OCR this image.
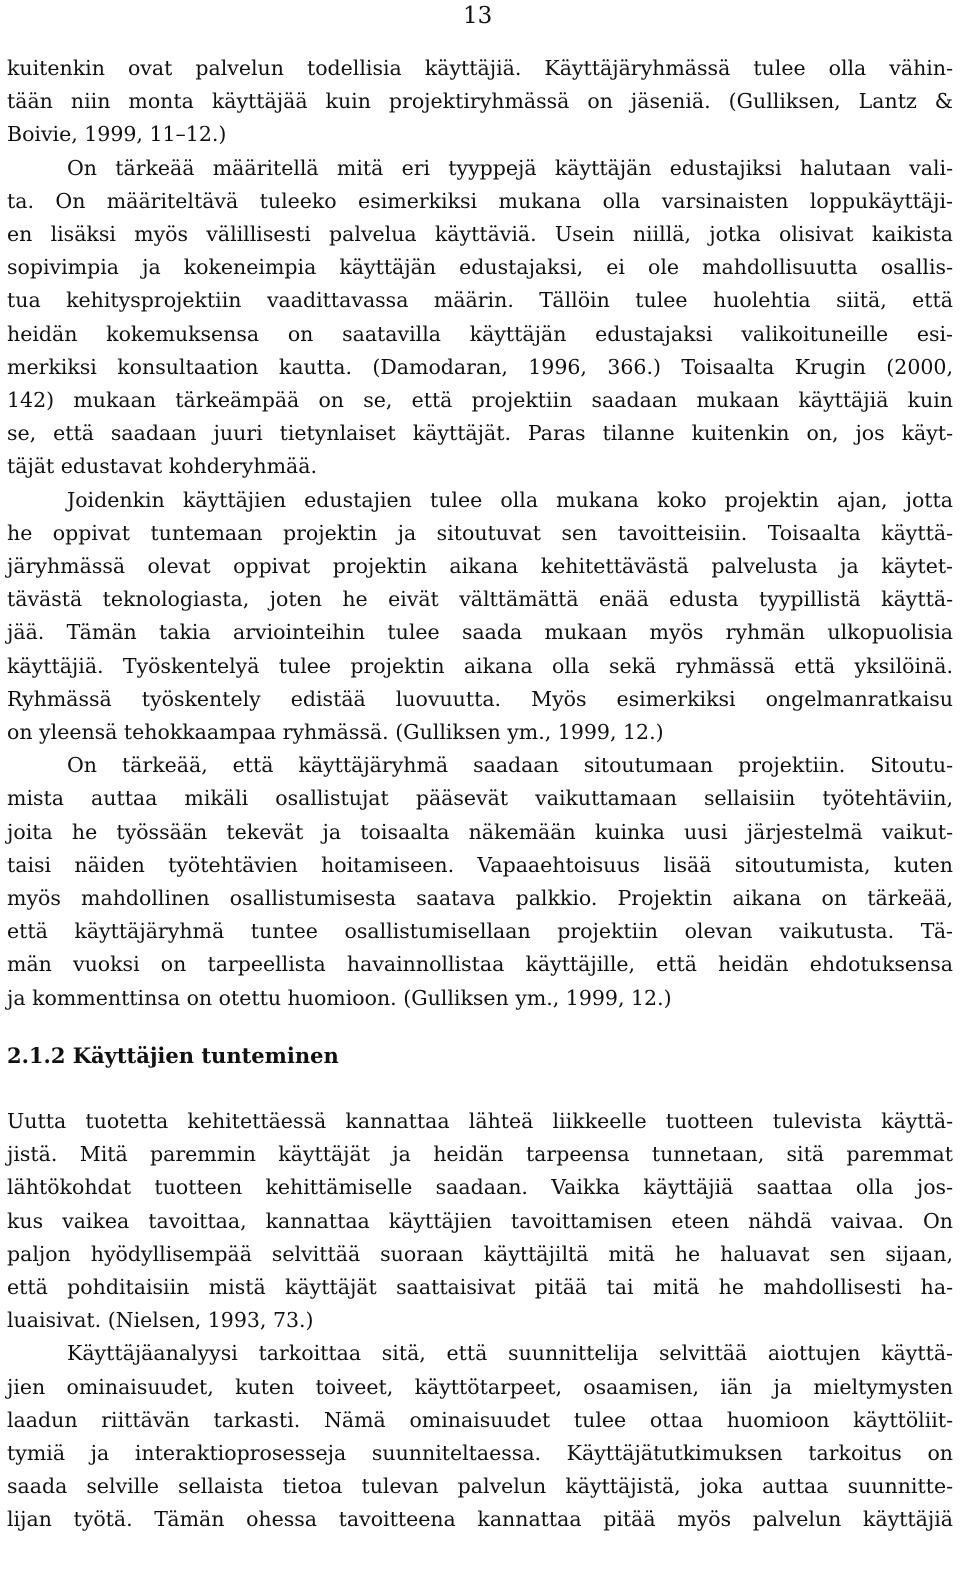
13

kuitenkin ovat palvelun todellisia käyttäjiä. Käyttäjäryhmässä tulee olla vähin-
tään niin monta käyttäjää kuin projektiryhmässä on jäseniä. (Gulliksen, Lantz &
Boivie, 1999, 11–12.)

On tärkeää määritellä mitä eri tyyppejä käyttäjän edustajiksi halutaan vali-
ta. On määriteltävä tuleeko esimerkiksi mukana olla varsinaisten loppukäyttäji-
en lisäksi myös välillisesti palvelua käyttäviä. Usein niillä, jotka olisivat kaikista
sopivimpia ja kokeneimpia käyttäjän edustajaksi, ei ole mahdollisuutta osallis-
tua kehitysprojektiin vaadittavassa määrin. Tällöin tulee huolehtia siitä, että
heidän kokemuksensa on saatavilla käyttäjän edustajaksi valikoituneille esi-
merkiksi konsultaation kautta. (Damodaran, 1996, 366.) Toisaalta Krugin (2000,
142) mukaan tärkeämpää on se, että projektiin saadaan mukaan käyttäjiä kuin
se, että saadaan juuri tietynlaiset käyttäjät. Paras tilanne kuitenkin on, jos käyt-
täjät edustavat kohderyhmää.

Joidenkin käyttäjien edustajien tulee olla mukana koko projektin ajan, jotta
he oppivat tuntemaan projektin ja sitoutuvat sen tavoitteisiin. Toisaalta käyttä-
järyhmässä olevat oppivat projektin aikana kehitettävästä palvelusta ja käytet-
tävästä teknologiasta, joten he eivät välttämättä enää edusta tyypillistä käyttä-
jää. Tämän takia arviointeihin tulee saada mukaan myös ryhmän ulkopuolisia
käyttäjiä. Työskentelyä tulee projektin aikana olla sekä ryhmässä että yksilöinä.
Ryhmässä työskentely edistää luovuutta. Myös esimerkiksi ongelmanratkaisu
on yleensä tehokkaampaa ryhmässä. (Gulliksen ym., 1999, 12.)

On tärkeää, että käyttäjäryhmä saadaan sitoutumaan projektiin. Sitoutu-
mista auttaa mikäli osallistujat pääsevät vaikuttamaan sellaisiin työtehtäviin,
joita he työssään tekevät ja toisaalta näkemään kuinka uusi järjestelmä vaikut-
taisi näiden työtehtävien hoitamiseen. Vapaaehtoisuus lisää sitoutumista, kuten
myös mahdollinen osallistumisesta saatava palkkio. Projektin aikana on tärkeää,
että käyttäjäryhmä tuntee osallistumisellaan projektiin olevan vaikutusta. Tä-
män vuoksi on tarpeellista havainnollistaa käyttäjille, että heidän ehdotuksensa
ja kommenttinsa on otettu huomioon. (Gulliksen ym., 1999, 12.)

2.1.2 Käyttäjien tunteminen

Uutta tuotetta kehitettäessä kannattaa lähteä liikkeelle tuotteen tulevista käyttä-
jistä. Mitä paremmin käyttäjät ja heidän tarpeensa tunnetaan, sitä paremmat
lähtökohdat tuotteen kehittämiselle saadaan. Vaikka käyttäjiä saattaa olla jos-
kus vaikea tavoittaa, kannattaa käyttäjien tavoittamisen eteen nähdä vaivaa. On
paljon hyödyllisempää selvittää suoraan käyttäjiltä mitä he haluavat sen sijaan,
että pohditaisiin mistä käyttäjät saattaisivat pitää tai mitä he mahdollisesti ha-
luaisivat. (Nielsen, 1993, 73.)

Käyttäjäanalyysi tarkoittaa sitä, että suunnittelija selvittää aiottujen käyttä-
jien ominaisuudet, kuten toiveet, käyttötarpeet, osaamisen, iän ja mieltymysten
laadun riittävän tarkasti. Nämä ominaisuudet tulee ottaa huomioon käyttöliit-
tymiä ja interaktioprosesseja suunniteltaessa. Käyttäjätutkimuksen tarkoitus on
saada selville sellaista tietoa tulevan palvelun käyttäjistä, joka auttaa suunnitte-
lijan työtä. Tämän ohessa tavoitteena kannattaa pitää myös palvelun käyttäjiä
